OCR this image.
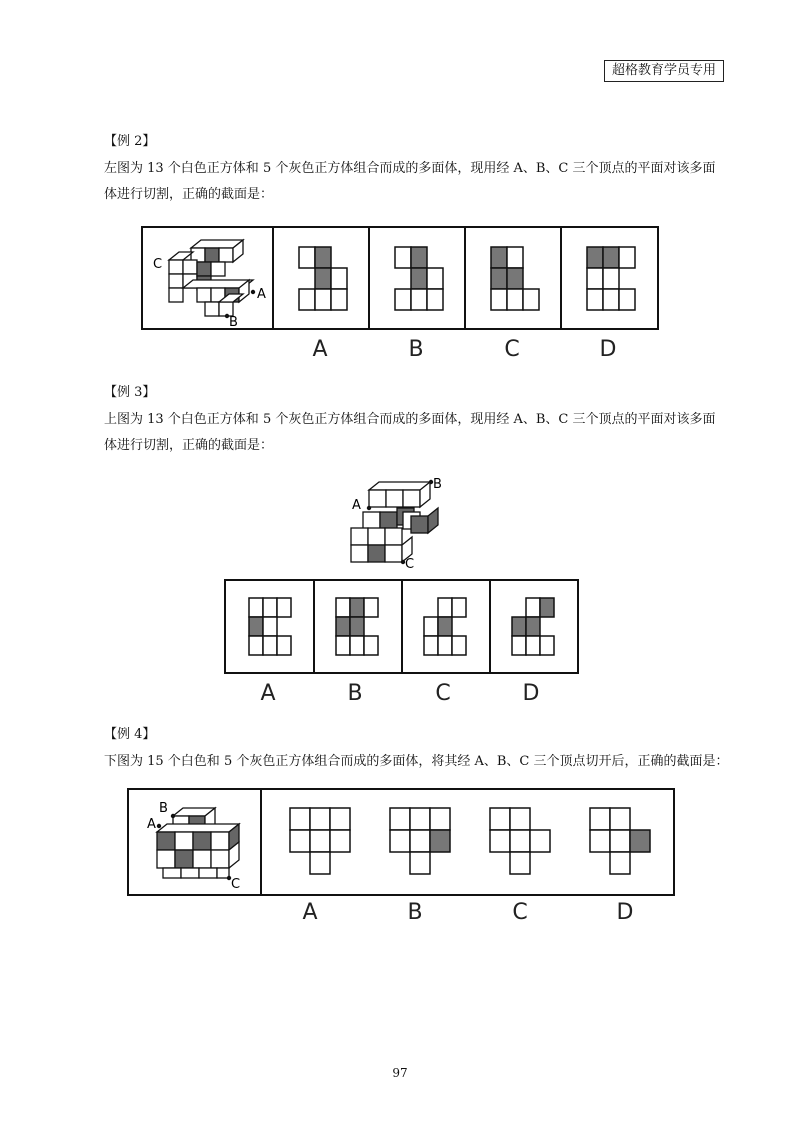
超格教育学员专用
【例 2】
左图为 13 个白色正方体和 5 个灰色正方体组合而成的多面体，现用经 A、B、C 三个顶点的平面对该多面
体进行切割，正确的截面是：
C
A
B
A	B	C	D
【例 3】
上图为 13 个白色正方体和 5 个灰色正方体组合而成的多面体，现用经 A、B、C 三个顶点的平面对该多面
体进行切割，正确的截面是：
A
B
C
A	B	C	D
【例 4】
下图为 15 个白色和 5 个灰色正方体组合而成的多面体，将其经 A、B、C 三个顶点切开后，正确的截面是：
B
A
C
A	B	C	D
97
